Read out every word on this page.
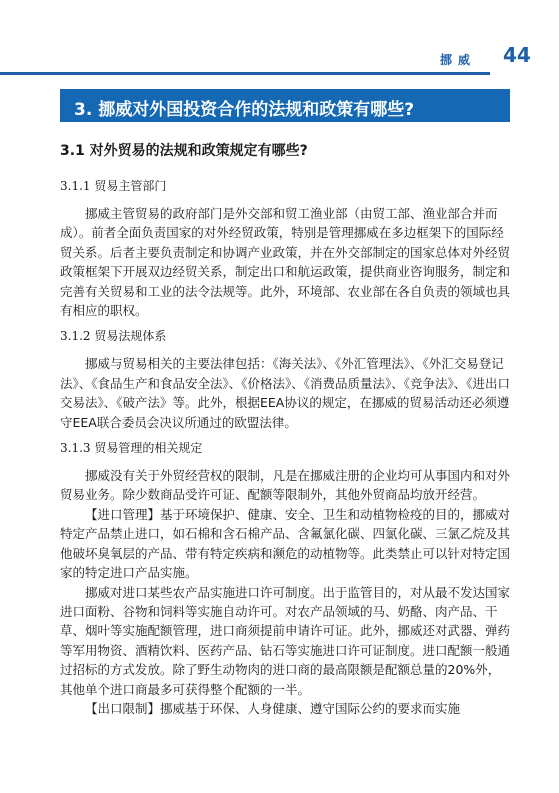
挪威 44
3. 挪威对外国投资合作的法规和政策有哪些?
3.1 对外贸易的法规和政策规定有哪些?
3.1.1 贸易主管部门

挪威主管贸易的政府部门是外交部和贸工渔业部（由贸工部、渔业部合并而成）。前者全面负责国家的对外经贸政策，特别是管理挪威在多边框架下的国际经贸关系。后者主要负责制定和协调产业政策，并在外交部制定的国家总体对外经贸政策框架下开展双边经贸关系，制定出口和航运政策，提供商业咨询服务，制定和完善有关贸易和工业的法令法规等。此外，环境部、农业部在各自负责的领域也具有相应的职权。

3.1.2 贸易法规体系

挪威与贸易相关的主要法律包括：《海关法》、《外汇管理法》、《外汇交易登记法》、《食品生产和食品安全法》、《价格法》、《消费品质量法》、《竞争法》、《进出口交易法》、《破产法》等。此外，根据EEA协议的规定，在挪威的贸易活动还必须遵守EEA联合委员会决议所通过的欧盟法律。

3.1.3 贸易管理的相关规定

挪威没有关于外贸经营权的限制，凡是在挪威注册的企业均可从事国内和对外贸易业务。除少数商品受许可证、配额等限制外，其他外贸商品均放开经营。

【进口管理】基于环境保护、健康、安全、卫生和动植物检疫的目的，挪威对特定产品禁止进口，如石棉和含石棉产品、含氟氯化碳、四氯化碳、三氯乙烷及其他破坏臭氧层的产品、带有特定疾病和濒危的动植物等。此类禁止可以针对特定国家的特定进口产品实施。

挪威对进口某些农产品实施进口许可制度。出于监管目的，对从最不发达国家进口面粉、谷物和饲料等实施自动许可。对农产品领域的马、奶酪、肉产品、干草、烟叶等实施配额管理，进口商须提前申请许可证。此外，挪威还对武器、弹药等军用物资、酒精饮料、医药产品、钻石等实施进口许可证制度。进口配额一般通过招标的方式发放。除了野生动物肉的进口商的最高限额是配额总量的20%外，其他单个进口商最多可获得整个配额的一半。

【出口限制】挪威基于环保、人身健康、遵守国际公约的要求而实施
